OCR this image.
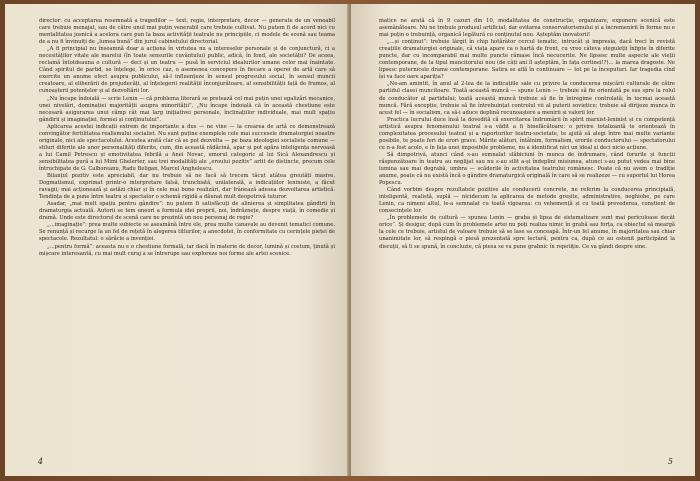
director: cu acceptarea resemnată a tragedilor — text, regie, interpretare, decor — generate de un veneabil care trebuie menajat, sau de către unul mai puțin venerabil care trebuie cultivat. Nu putem fi de acord nici cu mentalitatea josnică a acelora care pun la baza activității teatrale nu principiile, ci modele de scenă sau teama de a nu fi învinuiți de „lumea bună” din jurul cabinetului directorial.

„A fi principial nu înseamnă doar a acționa în virtutea nu a intereselor personale și de conjunctură, ci a necesităților vitale ale marelui (în toate sensurile cuvântului) public, adică, în fond, ale societății? De aceea, reclamă întotdeauna o cultură — deci și un teatru — pusă în serviciul idealurilor umane celor mai înaintate. Când spiritul de partid, se înțelege, în orice caz, o asemenea concepere în fiecare a operei de artă care să exercite un anume efect asupra publicului, să-l influențeze în sensul progresului social, în sensul muncii creatoare, al eliberării de prejudecăți, al înțelegerii realității înconjurătoare, al sensibilității față de frumos, al cunoașterii potențelor și al dezvoltării lor.

„Nu încape îndoială — scrie Lenin — că problema literară se pretează cel mai puțin unei egalizări mecanice, unei nivelări, dominației majorității asupra minorității”. „Nu încape îndoială că în această chestiune este necesară asigurarea unui câmp cât mai larg inițiativei personale, înclinațiilor individuale, mai mult spațiu gândirii și imaginației, formei și conținutului”.

Aplicarea acestei indicații extrem de importante a dus — ne vine — la crearea de artă ce demonstrează convingător fertilitatea realismului socialist. Nu sunt puține exemplele cele mai succesele dramaturgiei noastre originale, nici ale spectacolului. Acestea arată clar că se pot dezvolta — pe baza ideologiei socialiste comune — stiluri diferite ale unor personalități diferite, cum, din această rădăcină, apar și pot apăra inteligența nervoasă a lui Camil Petrescu și emotivitatea febrilă a Anei Novac, umorul categoric al lui Sică Alexandrescu și sensibilitatea pură a lui Mimi Ghelerter, sau trei modalități ale „eroului pozitiv” artit de distincte, precum cele întruchipate de G. Calboreanu, Radu Beligan, Marcel Anghelescu.

Bilanțul pozitiv este apreciabil, dar nu trebuie să ne facă să trecem tăcut atâtea greutăți masive. Dogmatismul, exprimat printr-o interpretare falsă, trunchiată, unilaterală, a indicațiilor leniniste, a făcut ravagii; mai acționează și astăzi chiar și în cele mai bune realizări, dar frânează adesea dezvoltarea artistică. Tendința de a pune între teatru și spectator o schemă rigidă a dăunat mult deopotrivă tuturor.

Asadar, „mai mult spațiu pentru gândire”: nu putem fi satisfăcuți de alinierea și simplitatea gândirii în dramaturgia actuală. Autorii se tem uneori a formula idei proprii, noi, îndrăznețe, despre viață, în comedie și dramă. Unde este directorul de scenă care ne prezintă un nou personaj de regie?

„...imaginație”: prea multe subiecte se aseamănă între ele, prea multe canavale au devenit tematici comune. Se renunță și recurge la un fel de rețetă în alegerea titlurilor, a anecdotei, în conformitate cu cerințele pieței de spectacole. Rezultatul: o sărăcie a invenției.

„...pentru formă”: aceasta nu e o chestiune formală, iar dacă în materie de decor, lumină și costum, ținută și mișcare interesantă, cu mai mult curaj a se întrerupe sau exploreze noi forme ale artei scenice.

4

matice ne arată că în 9 cazuri din 10, modalitatea de construcție, organizare, expunere scenică este asemănătoare. Nu ne trebuie produsul artificial, dar evitarea conservatorismului și a încremenirii în forme nu e mai puțin o trebuință, organică legătură cu conținutul nou. Așteptăm inovatorii!

„...și conținut”: trebuie lărgit în chip hotărâtor cercul tematic, intrucât și impresia, dacă treci în revistă creațiile dramaturgiei originale, că viața apare ca o hartă de front, cu vreo câteva steguleții înfipte în diferite puncte, dar cu incomparabil mai multe puncte rămase încă necucerite. Ne lipsesc multe aspecte ale vieții contemporane, de la tipul muncitorului nou (de câți ani îl așteptăm, în fața cortinei!?)... la marea dragoste. Ne lipsesc puternicele drame contemporane. Satira se află în continuare — tot pe la începuturi. Iar tragedia cînd își va face oare apariția?

„Ne-am amintit, în anul al 2-lea de la indicațiile sale cu privire la conducerea mișcării culturale de către partidul clasei muncitoare. Toată această muncă — spune Lenin — trebuie să fie orientată pe sus spre la rolul de conducător al partidului; toată această muncă trebuie să fie în întregime controlată; în tocmai această muncă. Fără excepție, trebuie să fie întrebuințat controlul vii al puterii sovietice; trebuie să dirijeze munca în acest fel — în socialism, ca să-i aduce deplină recunoaștere a menirii și valorii lor.

Practica lucrului duce însă la dovedită că exercitarea îndrumării în spirit marxist-leninist și cu competență artistică asupra fenomenului teatral s-a vădit a fi binefăcătoare: o privire totalizantă te orientează în complexitatea procesului teatral și a raporturilor teatru-societate, te ajută să alegi între mai multe variante posibile, te poate feri de erori grave. Mărite alături, întâlnim, formalism, erorile conductorului — spectatorului ce n-a fost acolo, e în fața unei imposibile probleme, nu a identificat nici un ideal și deci nicio acțiune.

Să dimpotrivă, atunci când s-au semnalat slăbiciuni în munca de îndrumare, când forurile și funcții răspunzătoare în teatru au neglijat sau nu s-au silit a-și îndeplini misiunea, atunci s-au putut vedea mai bine lumina sau mai degrabă, umbra — scăderile în activitatea teatrului românesc. Poate că nu avem o tradiție anume, poate că nu există încă o gândire dramaturgică originală în care să se realizeze — cu suportul lui Horea Popescu.

Când vorbim despre rezultatele pozitive ale conducerii concrete, ne referim la conducerea principială, inteligentă, realistă, suplă — nicidecum la aplicarea de metode greșite, administrative, neghiobe, pe care Lenin, ca nimeni altul, le-a semnalat cu toată vigoarea: cu vehemență și cu toată prevederea, conștient de consecințele lor.

„În problemele de cultură — spunea Lenin — graba și lipsa de sistematizare sunt mai periculoase decât orice”. Și desigur, după cum în problemele artei nu poți realiza nimic în grabă sau forța, ca obiectul să meargă la cele ce trebuie, artistul de valoare trebuie să se lase sa conceapă. Într-un fel anume, în majoritatea sau chiar unanimitate lor, să respingă o piesă prezentată spre lectură, pentru ca, după ce au ostenit participând la discuții, să li se spună, în concluzie, că piesa se va pune grabnic în repetiție. Ce va gândi despre sine.

5
